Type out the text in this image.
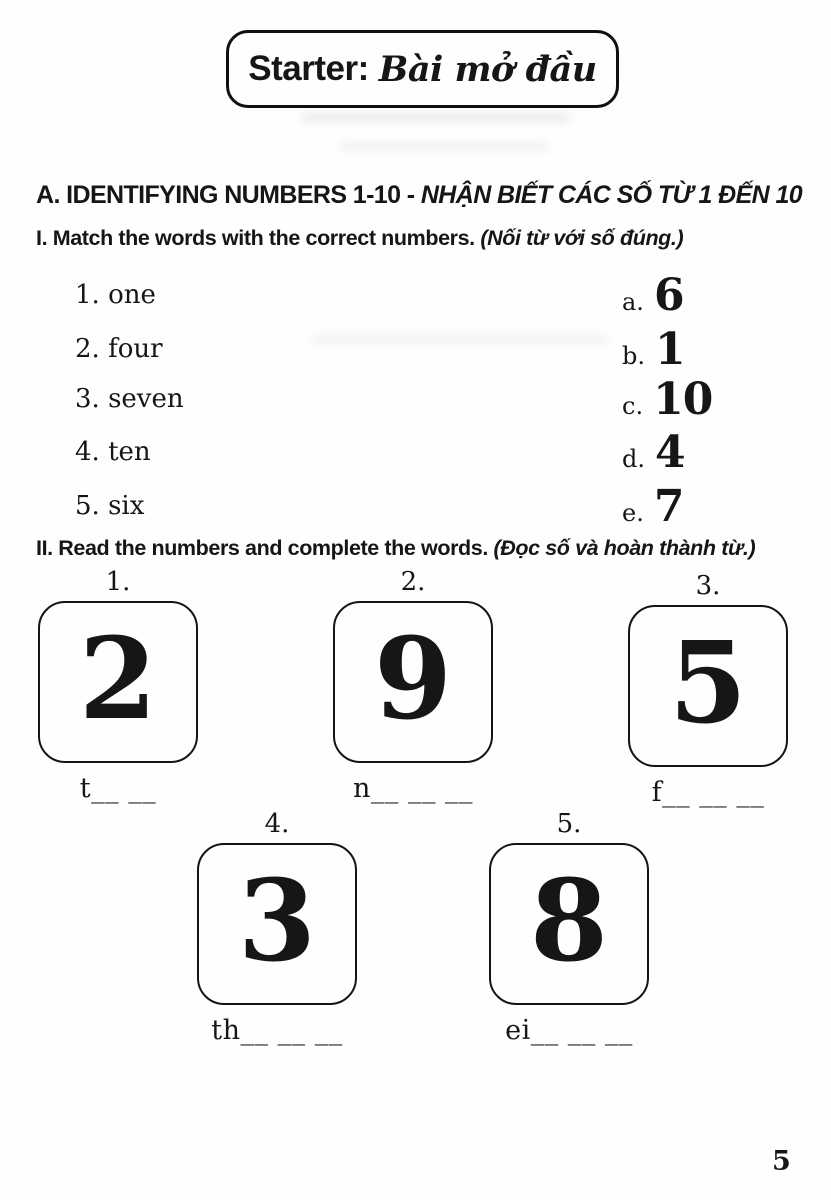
Starter: Bài mở đầu
A. IDENTIFYING NUMBERS 1-10 - NHẬN BIẾT CÁC SỐ TỪ 1 ĐẾN 10
I. Match the words with the correct numbers. (Nối từ với số đúng.)
1. one
2. four
3. seven
4. ten
5. six
a. 6
b. 1
c. 10
d. 4
e. 7
II. Read the numbers and complete the words. (Đọc số và hoàn thành từ.)
1.
2
t__ __
2.
9
n__ __ __
3.
5
f__ __ __
4.
3
th__ __ __
5.
8
ei__ __ __
5
